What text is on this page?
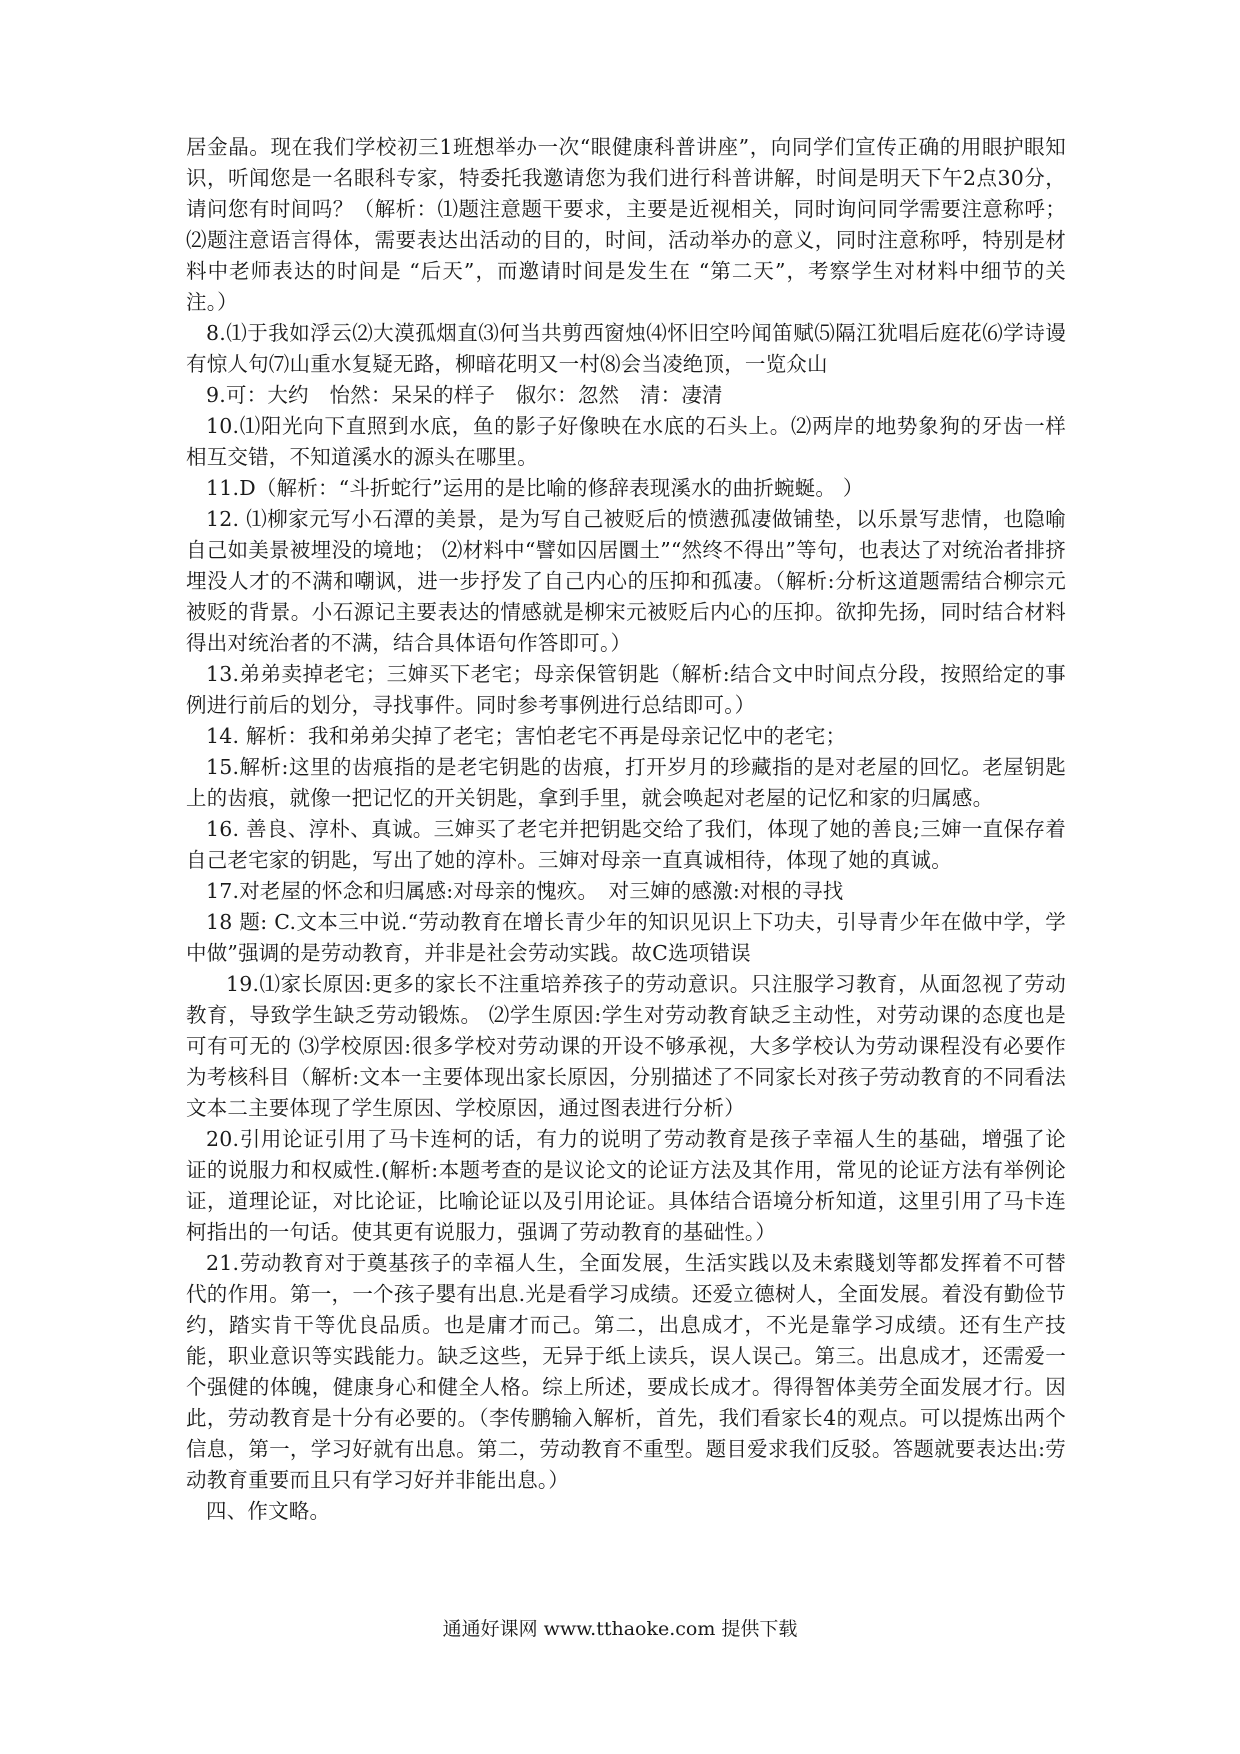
居金晶。现在我们学校初三1班想举办一次“眼健康科普讲座”，向同学们宣传正确的用眼护眼知识，听闻您是一名眼科专家，特委托我邀请您为我们进行科普讲解，时间是明天下午2点30分，请问您有时间吗？（解析：⑴题注意题干要求，主要是近视相关，同时询问同学需要注意称呼；⑵题注意语言得体，需要表达出活动的目的，时间，活动举办的意义，同时注意称呼，特别是材料中老师表达的时间是 “后天”，而邀请时间是发生在 “第二天”，考察学生对材料中细节的关注。）

8.⑴于我如浮云⑵大漠孤烟直⑶何当共剪西窗烛⑷怀旧空吟闻笛赋⑸隔江犹唱后庭花⑹学诗谩有惊人句⑺山重水复疑无路，柳暗花明又一村⑻会当凌绝顶，一览众山

9.可：大约　怡然：呆呆的样子　俶尔：忽然　清：凄清

10.⑴阳光向下直照到水底，鱼的影子好像映在水底的石头上。⑵两岸的地势象狗的牙齿一样相互交错，不知道溪水的源头在哪里。

11.D（解析：“斗折蛇行”运用的是比喻的修辞表现溪水的曲折蜿蜒。 ）

12. ⑴柳家元写小石潭的美景，是为写自己被贬后的愤懑孤凄做铺垫，以乐景写悲情，也隐喻自己如美景被埋没的境地； ⑵材料中“譬如囚居圜土”“然终不得出”等句，也表达了对统治者排挤埋没人才的不满和嘲讽，进一步抒发了自己内心的压抑和孤凄。（解析:分析这道题需结合柳宗元被贬的背景。小石源记主要表达的情感就是柳宋元被贬后内心的压抑。欲抑先扬，同时结合材料得出对统治者的不满，结合具体语句作答即可。）

13.弟弟卖掉老宅；三婶买下老宅；母亲保管钥匙（解析:结合文中时间点分段，按照给定的事例进行前后的划分，寻找事件。同时参考事例进行总结即可。）

14. 解析：我和弟弟尖掉了老宅；害怕老宅不再是母亲记忆中的老宅；

15.解析:这里的齿痕指的是老宅钥匙的齿痕，打开岁月的珍藏指的是对老屋的回忆。老屋钥匙上的齿痕，就像一把记忆的开关钥匙，拿到手里，就会唤起对老屋的记忆和家的归属感。

16. 善良、淳朴、真诚。三婶买了老宅并把钥匙交给了我们，体现了她的善良;三婶一直保存着自己老宅家的钥匙，写出了她的淳朴。三婶对母亲一直真诚相待，体现了她的真诚。

17.对老屋的怀念和归属感:对母亲的愧疚。　对三婶的感激:对根的寻找

18 题: C.文本三中说.“劳动教育在增长青少年的知识见识上下功夫，引导青少年在做中学，学中做”强调的是劳动教育，并非是社会劳动实践。故C选项错误

19.⑴家长原因:更多的家长不注重培养孩子的劳动意识。只注服学习教育，从面忽视了劳动教育，导致学生缺乏劳动锻炼。 ⑵学生原因:学生对劳动教育缺乏主动性，对劳动课的态度也是可有可无的 ⑶学校原因:很多学校对劳动课的开设不够承视，大多学校认为劳动课程没有必要作为考核科目（解析:文本一主要体现出家长原因，分别描述了不同家长对孩子劳动教育的不同看法文本二主要体现了学生原因、学校原因，通过图表进行分析）

20.引用论证引用了马卡连柯的话，有力的说明了劳动教育是孩子幸福人生的基础，增强了论证的说服力和权威性.(解析:本题考查的是议论文的论证方法及其作用，常见的论证方法有举例论证，道理论证，对比论证，比喻论证以及引用论证。具体结合语境分析知道，这里引用了马卡连柯指出的一句话。使其更有说服力，强调了劳动教育的基础性。）

21.劳动教育对于奠基孩子的幸福人生，全面发展，生活实践以及未索賤划等都发挥着不可替代的作用。第一，一个孩子嬰有出息.光是看学习成绩。还爱立德树人，全面发展。着没有勤俭节约，踏实肯干等优良品质。也是庸才而己。第二，出息成才，不光是靠学习成绩。还有生产技能，职业意识等实践能力。缺乏这些，无异于纸上读兵，误人误己。第三。出息成才，还需爱一个强健的体魄，健康身心和健全人格。综上所述，要成长成才。得得智体美劳全面发展才行。因此，劳动教育是十分有必要的。（李传鹏输入解析，首先，我们看家长4的观点。可以提炼出两个信息，第一，学习好就有出息。第二，劳动教育不重型。题目爱求我们反驳。答题就要表达出:劳动教育重要而且只有学习好并非能出息。）

四、作文略。

通通好课网 www.tthaoke.com 提供下载
